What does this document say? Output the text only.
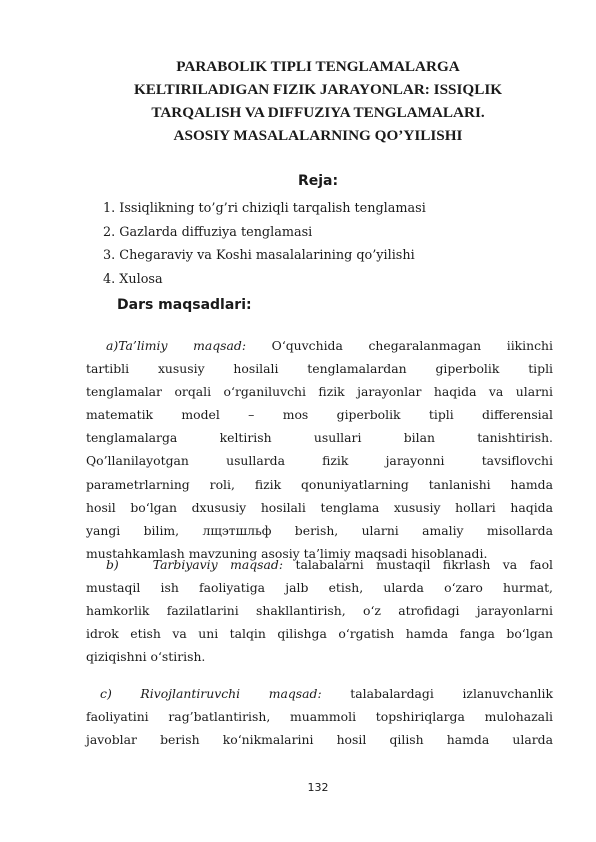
PARABOLIK TIPLI TENGLAMALARGA
KELTIRILADIGAN FIZIK JARAYONLAR: ISSIQLIK
TARQALISH VA DIFFUZIYA TENGLAMALARI.
ASOSIY MASALALARNING QO’YILISHI
Reja:
1. Issiqlikning to’g’ri chiziqli tarqalish tenglamasi
2. Gazlarda diffuziya tenglamasi
3. Chegaraviy va Koshi masalalarining qo’yilishi
4. Xulosa
Dars maqsadlari:
a)Ta’limiy maqsad: O‘quvchida chegaralanmagan iikinchi
tartibli xususiy hosilali tenglamalardan giperbolik tipli
tenglamalar orqali o‘rganiluvchi fizik jarayonlar haqida va ularni
matematik model – mos giperbolik tipli differensial
tenglamalarga keltirish usullari bilan tanishtirish.
Qo’llanilayotgan usullarda fizik jarayonni tavsiflovchi
parametrlarning roli, fizik qonuniyatlarning tanlanishi hamda
hosil bo‘lgan dxususiy hosilali tenglama xususiy hollari haqida
yangi bilim, лщэтшльф berish, ularni amaliy misollarda
mustahkamlash mavzuning asosiy ta’limiy maqsadi hisoblanadi.
b)	Tarbiyaviy maqsad: talabalarni mustaqil fikrlash va faol
mustaqil ish faoliyatiga jalb etish, ularda o‘zaro hurmat,
hamkorlik fazilatlarini shakllantirish, o‘z atrofidagi jarayonlarni
idrok etish va uni talqin qilishga o‘rgatish hamda fanga bo‘lgan
qiziqishni o‘stirish.
c) Rivojlantiruvchi maqsad: talabalardagi izlanuvchanlik
faoliyatini rag’batlantirish, muammoli topshiriqlarga mulohazali
javoblar berish ko‘nikmalarini hosil qilish hamda ularda
132
